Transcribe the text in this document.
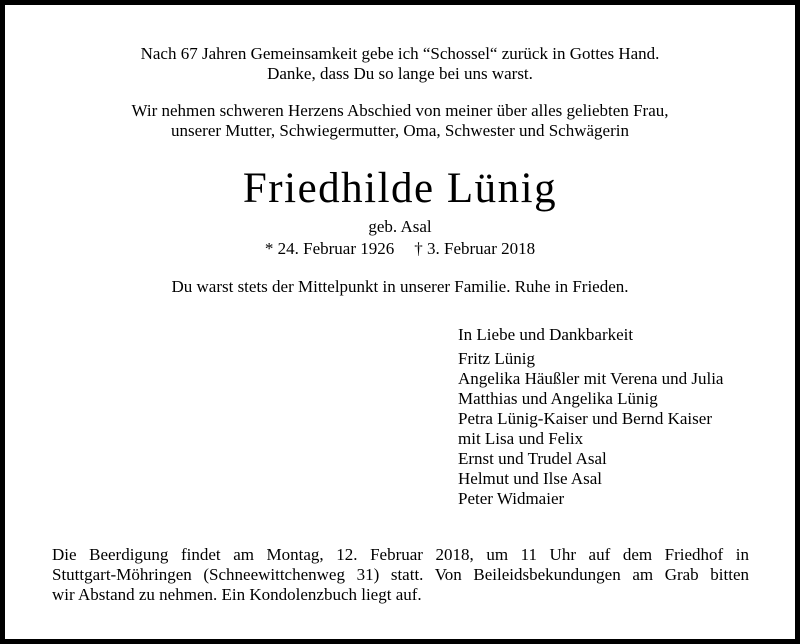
Nach 67 Jahren Gemeinsamkeit gebe ich “Schossel“ zurück in Gottes Hand.
Danke, dass Du so lange bei uns warst.
Wir nehmen schweren Herzens Abschied von meiner über alles geliebten Frau,
unserer Mutter, Schwiegermutter, Oma, Schwester und Schwägerin
Friedhilde Lünig
geb. Asal
* 24. Februar 1926 † 3. Februar 2018
Du warst stets der Mittelpunkt in unserer Familie. Ruhe in Frieden.
In Liebe und Dankbarkeit
Fritz Lünig
Angelika Häußler mit Verena und Julia
Matthias und Angelika Lünig
Petra Lünig-Kaiser und Bernd Kaiser
mit Lisa und Felix
Ernst und Trudel Asal
Helmut und Ilse Asal
Peter Widmaier

Die Beerdigung findet am Montag, 12. Februar 2018, um 11 Uhr auf dem Friedhof in

Stuttgart-Möhringen (Schneewittchenweg 31) statt. Von Beileidsbekundungen am Grab bitten

wir Abstand zu nehmen. Ein Kondolenzbuch liegt auf.
